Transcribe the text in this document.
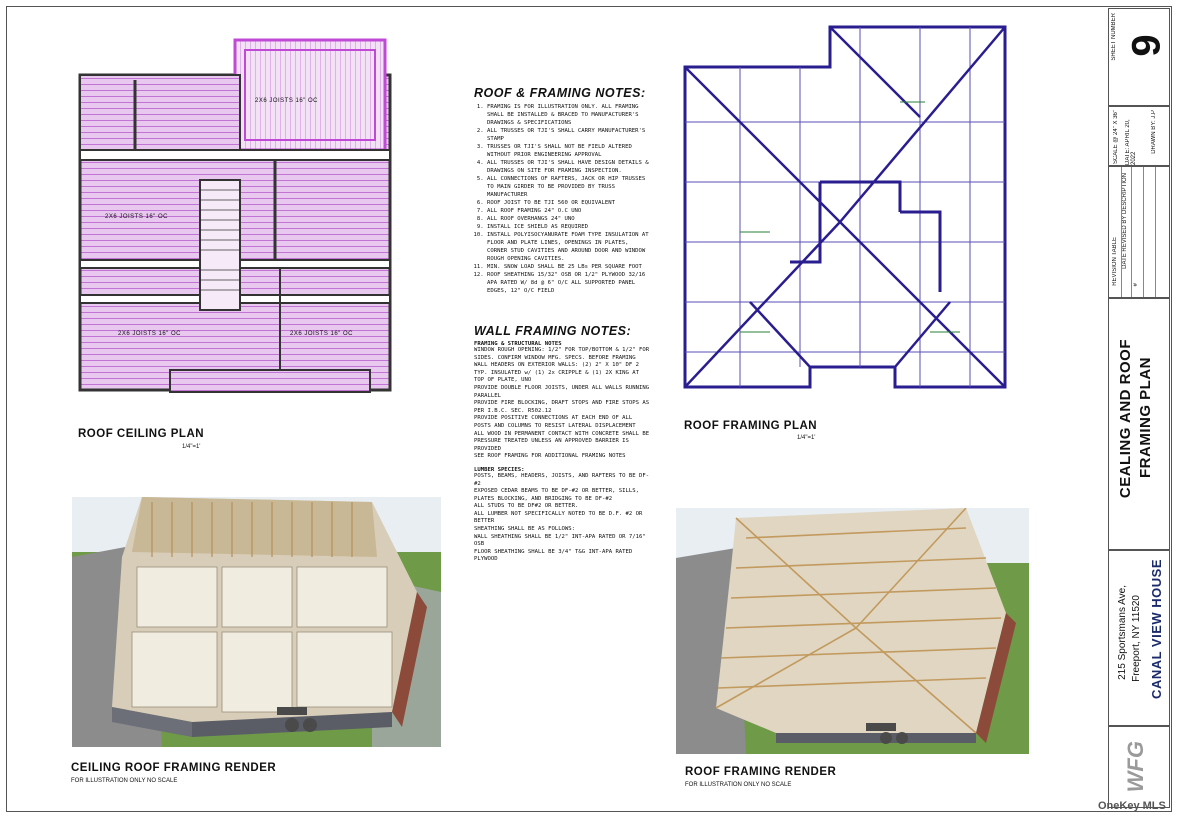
2X6 JOISTS 16" OC
2X6 JOISTS 16" OC
2X6 JOISTS 16" OC	2X6 JOISTS 16" OC
ROOF CEILING PLAN
1/4"=1'
ROOF FRAMING PLAN
1/4"=1'
CEILING ROOF FRAMING RENDER
FOR ILLUSTRATION ONLY NO SCALE
ROOF FRAMING RENDER
FOR ILLUSTRATION ONLY NO SCALE
ROOF & FRAMING NOTES:
1. FRAMING IS FOR ILLUSTRATION ONLY. ALL FRAMING SHALL BE INSTALLED & BRACED TO MANUFACTURER'S DRAWINGS & SPECIFICATIONS
2. ALL TRUSSES OR TJI'S SHALL CARRY MANUFACTURER'S STAMP
3. TRUSSES OR TJI'S SHALL NOT BE FIELD ALTERED WITHOUT PRIOR ENGINEERING APPROVAL
4. ALL TRUSSES OR TJI'S SHALL HAVE DESIGN DETAILS & DRAWINGS ON SITE FOR FRAMING INSPECTION.
5. ALL CONNECTIONS OF RAFTERS, JACK OR HIP TRUSSES TO MAIN GIRDER TO BE PROVIDED BY TRUSS MANUFACTURER
6. ROOF JOIST TO BE TJI 560 OR EQUIVALENT
7. ALL ROOF FRAMING 24" O.C UNO
8. ALL ROOF OVERHANGS 24" UNO
9. INSTALL ICE SHIELD AS REQUIRED
10. INSTALL POLYISOCYANURATE FOAM TYPE INSULATION AT FLOOR AND PLATE LINES, OPENINGS IN PLATES, CORNER STUD CAVITIES AND AROUND DOOR AND WINDOW ROUGH OPENING CAVITIES.
11. MIN. SNOW LOAD SHALL BE 25 LBs PER SQUARE FOOT
12. ROOF SHEATHING 15/32" OSB OR 1/2" PLYWOOD 32/16 APA RATED W/ 8d @ 6" O/C ALL SUPPORTED PANEL EDGES, 12" O/C FIELD
WALL FRAMING NOTES:
FRAMING & STRUCTURAL NOTES
WINDOW ROUGH OPENING: 1/2" FOR TOP/BOTTOM & 1/2" FOR SIDES. CONFIRM WINDOW MFG. SPECS. BEFORE FRAMING
WALL HEADERS ON EXTERIOR WALLS: (2) 2" X 10" DF 2 TYP. INSULATED w/ (1) 2x CRIPPLE & (1) 2X KING AT TOP OF PLATE, UNO
PROVIDE DOUBLE FLOOR JOISTS, UNDER ALL WALLS RUNNING PARALLEL
PROVIDE FIRE BLOCKING, DRAFT STOPS AND FIRE STOPS AS PER I.B.C. SEC. R502.12
PROVIDE POSITIVE CONNECTIONS AT EACH END OF ALL POSTS AND COLUMNS TO RESIST LATERAL DISPLACEMENT
ALL WOOD IN PERMANENT CONTACT WITH CONCRETE SHALL BE PRESSURE TREATED UNLESS AN APPROVED BARRIER IS PROVIDED
SEE ROOF FRAMING FOR ADDITIONAL FRAMING NOTES
LUMBER SPECIES:
POSTS, BEAMS, HEADERS, JOISTS, AND RAFTERS TO BE DF-#2
EXPOSED CEDAR BEAMS TO BE DF-#2 OR BETTER, SILLS, PLATES BLOCKING, AND BRIDGING TO BE DF-#2
ALL STUDS TO BE DF#2 OR BETTER.
ALL LUMBER NOT SPECIFICALLY NOTED TO BE D.F. #2 OR BETTER
SHEATHING SHALL BE AS FOLLOWS:
WALL SHEATHING SHALL BE 1/2" INT-APA RATED OR 7/16" OSB
FLOOR SHEATHING SHALL BE 3/4" T&G INT-APA RATED PLYWOOD
SHEET NUMBER 9
SCALE @ 24" X 36" DATE: APRIL 20, 2022
DRAWN BY: J.P
REVISION TABLE DATE REVISED BY DESCRIPTION
#
CEALING AND ROOF FRAMING PLAN
215 Sportsmans Ave, Freeport, NY 11520 CANAL VIEW HOUSE
WFG
OneKey MLS
